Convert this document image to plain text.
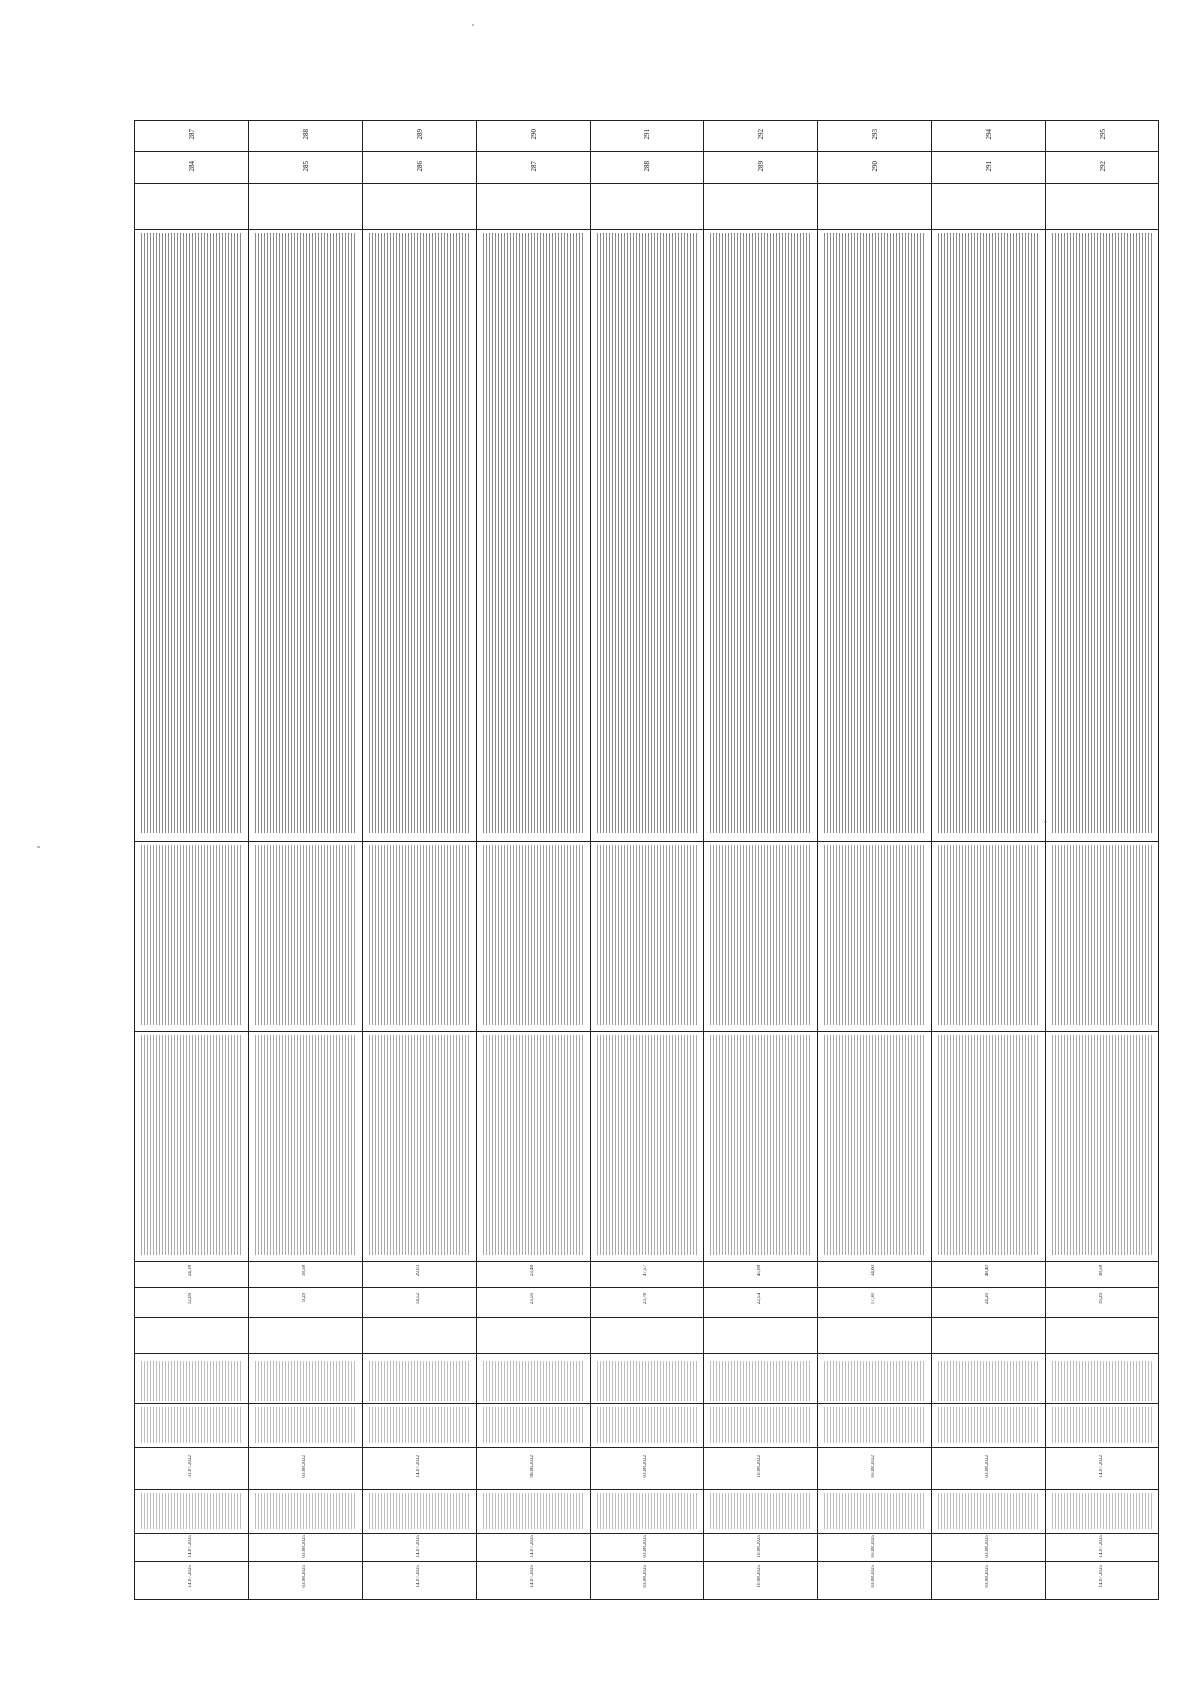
287
284
24,18
12,09
31.07.2022
14.07.2025
14.07.2025
288
285
18,58
9,29
03.08.2022
03.08.2025
03.08.2025
289
286
29,03
14,52
14.07.2022
14.07.2025
14.07.2025
290
287
23,48
23,50
06.06.2022
14.07.2025
14.07.2025
291
288
47,57
23,78
03.08.2022
03.08.2025
03.08.2025
292
289
45,08
22,54
10.08.2022
10.08.2025
10.08.2025
293
290
34,60
17,30
03.08.2022
03.08.2025
03.08.2025
294
291
48,40
24,20
03.08.2022
03.08.2025
03.08.2025
295
292
38,58
19,29
14.07.2022
14.07.2025
14.07.2025
″
